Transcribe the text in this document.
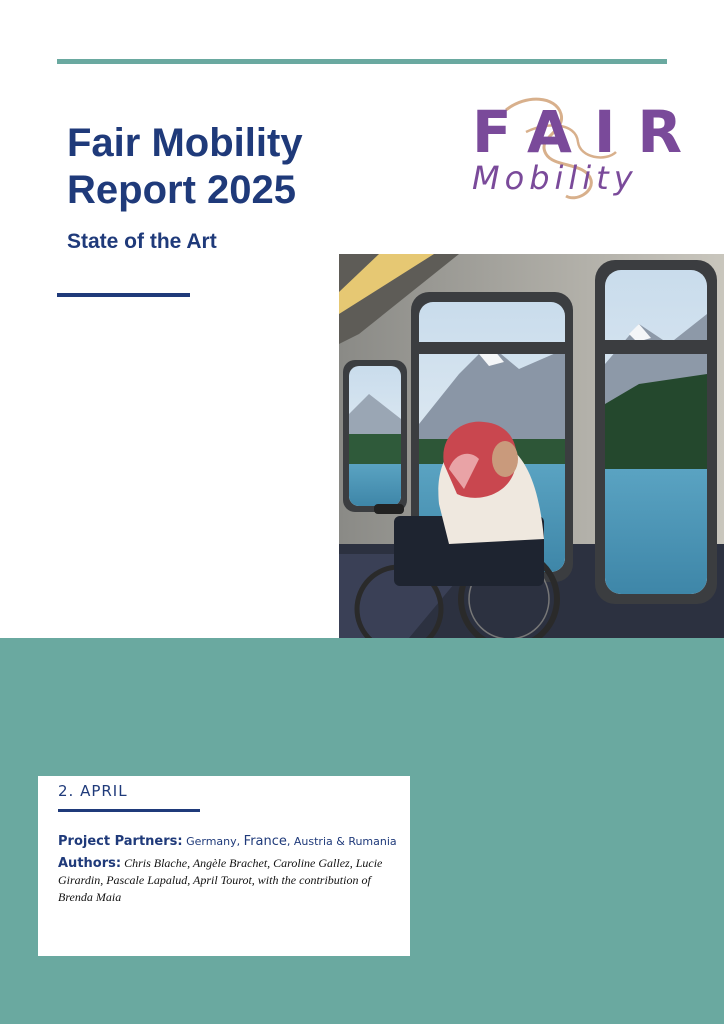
Fair Mobility
Report 2025
State of the Art
FAIR
Mobility
2. APRIL
Project Partners: Germany, France, Austria & Rumania
Authors: Chris Blache, Angèle Brachet, Caroline Gallez, Lucie Girardin, Pascale Lapalud, April Tourot, with the contribution of Brenda Maia
